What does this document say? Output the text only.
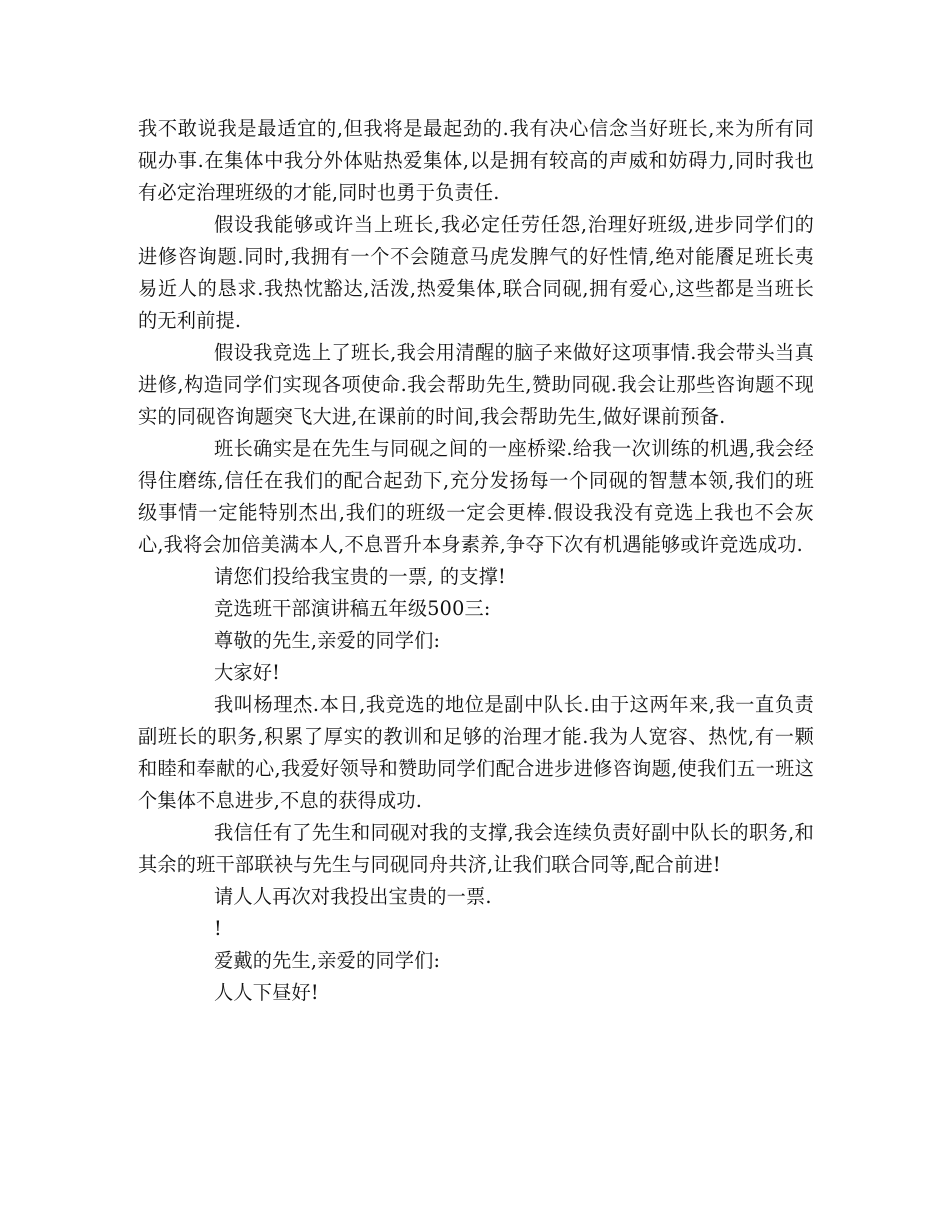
我不敢说我是最适宜的,但我将是最起劲的.我有决心信念当好班长,来为所有同砚办事.在集体中我分外体贴热爱集体,以是拥有较高的声威和妨碍力,同时我也有必定治理班级的才能,同时也勇于负责任.

假设我能够或许当上班长,我必定任劳任怨,治理好班级,进步同学们的进修咨询题.同时,我拥有一个不会随意马虎发脾气的好性情,绝对能餍足班长夷易近人的恳求.我热忱豁达,活泼,热爱集体,联合同砚,拥有爱心,这些都是当班长的无利前提.

假设我竞选上了班长,我会用清醒的脑子来做好这项事情.我会带头当真进修,构造同学们实现各项使命.我会帮助先生,赞助同砚.我会让那些咨询题不现实的同砚咨询题突飞大进,在课前的时间,我会帮助先生,做好课前预备.

班长确实是在先生与同砚之间的一座桥梁.给我一次训练的机遇,我会经得住磨练,信任在我们的配合起劲下,充分发扬每一个同砚的智慧本领,我们的班级事情一定能特别杰出,我们的班级一定会更棒.假设我没有竞选上我也不会灰心,我将会加倍美满本人,不息晋升本身素养,争夺下次有机遇能够或许竞选成功.

请您们投给我宝贵的一票, 的支撑!

竞选班干部演讲稿五年级500三:

尊敬的先生,亲爱的同学们:

大家好!

我叫杨理杰.本日,我竞选的地位是副中队长.由于这两年来,我一直负责副班长的职务,积累了厚实的教训和足够的治理才能.我为人宽容、热忱,有一颗和睦和奉献的心,我爱好领导和赞助同学们配合进步进修咨询题,使我们五一班这个集体不息进步,不息的获得成功.

我信任有了先生和同砚对我的支撑,我会连续负责好副中队长的职务,和其余的班干部联袂与先生与同砚同舟共济,让我们联合同等,配合前进!

请人人再次对我投出宝贵的一票.

!

爱戴的先生,亲爱的同学们:

人人下昼好!
